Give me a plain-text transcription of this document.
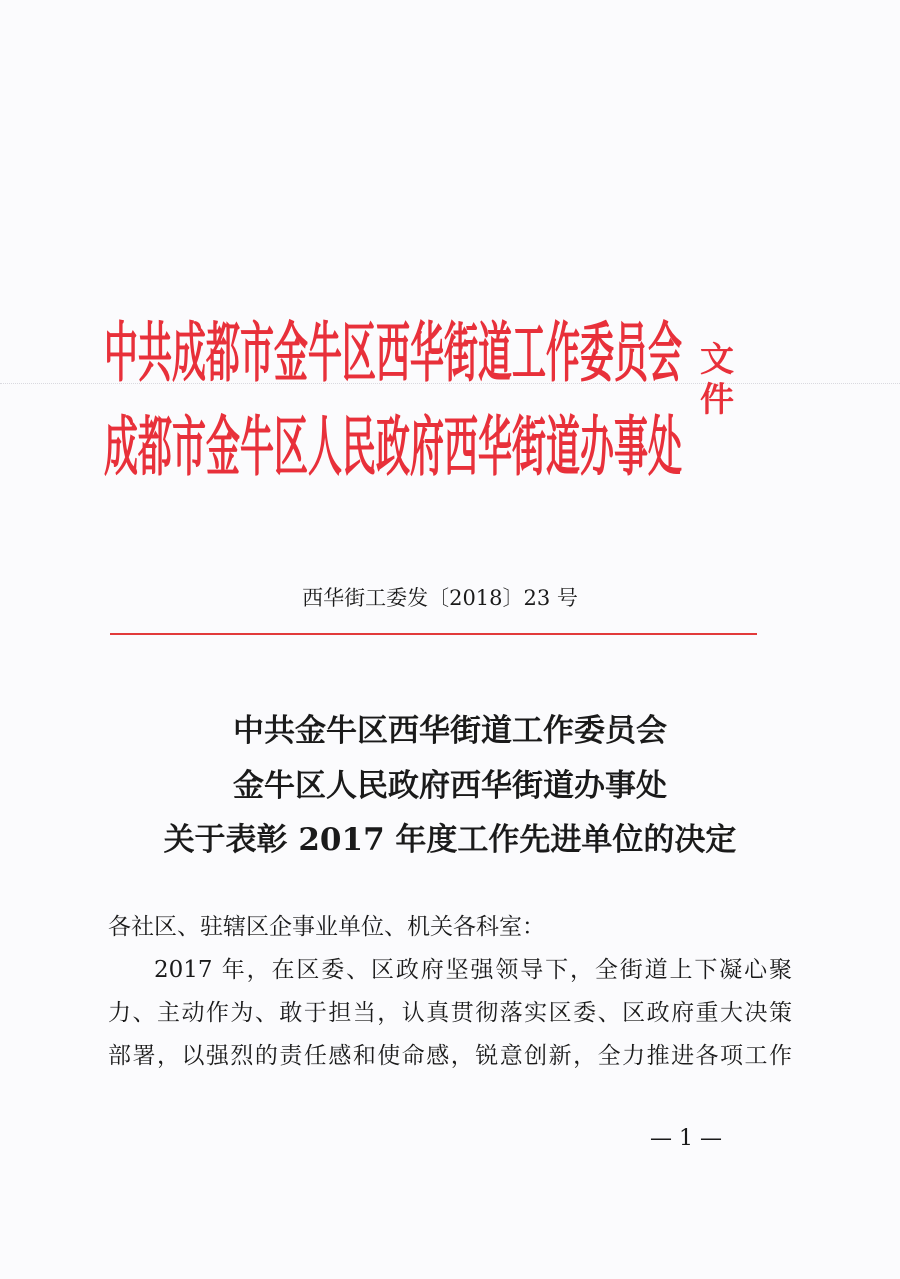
中共成都市金牛区西华街道工作委员会
成都市金牛区人民政府西华街道办事处
文件
西华街工委发〔2018〕23 号
中共金牛区西华街道工作委员会
金牛区人民政府西华街道办事处
关于表彰 2017 年度工作先进单位的决定
各社区、驻辖区企事业单位、机关各科室：
2017 年，在区委、区政府坚强领导下，全街道上下凝心聚
力、主动作为、敢于担当，认真贯彻落实区委、区政府重大决策
部署，以强烈的责任感和使命感，锐意创新，全力推进各项工作
— 1 —
